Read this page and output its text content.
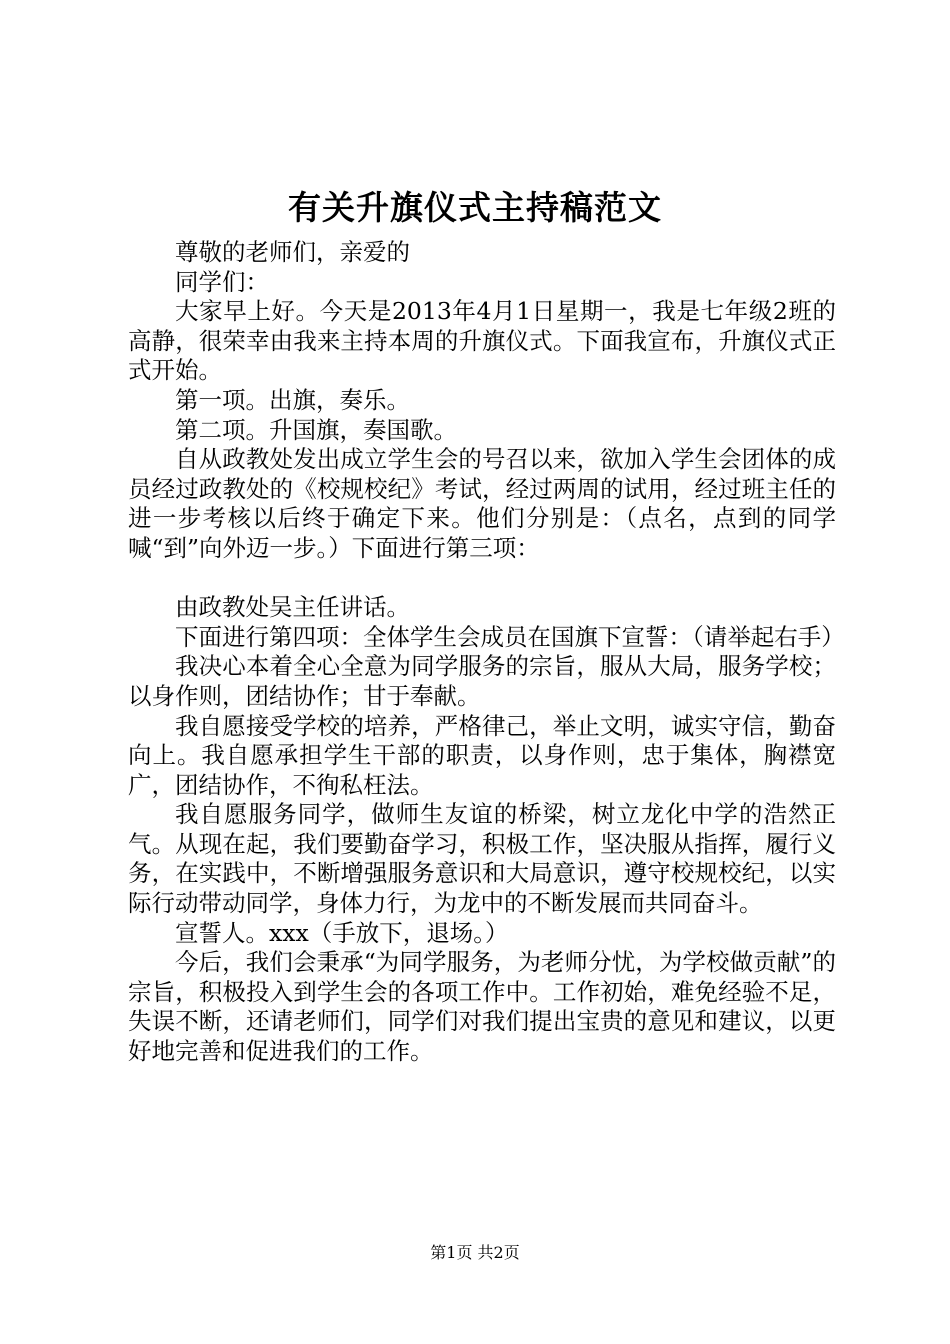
有关升旗仪式主持稿范文

尊敬的老师们，亲爱的

同学们：

大家早上好。今天是2013年4月1日星期一，我是七年级2班的高静，很荣幸由我来主持本周的升旗仪式。下面我宣布，升旗仪式正式开始。

第一项。出旗，奏乐。

第二项。升国旗，奏国歌。

自从政教处发出成立学生会的号召以来，欲加入学生会团体的成员经过政教处的《校规校纪》考试，经过两周的试用，经过班主任的进一步考核以后终于确定下来。他们分别是：（点名，点到的同学喊“到”向外迈一步。）下面进行第三项：

由政教处吴主任讲话。

下面进行第四项：全体学生会成员在国旗下宣誓：（请举起右手）

我决心本着全心全意为同学服务的宗旨，服从大局，服务学校；以身作则，团结协作；甘于奉献。

我自愿接受学校的培养，严格律己，举止文明，诚实守信，勤奋向上。我自愿承担学生干部的职责，以身作则，忠于集体，胸襟宽广，团结协作，不徇私枉法。

我自愿服务同学，做师生友谊的桥梁，树立龙化中学的浩然正气。从现在起，我们要勤奋学习，积极工作，坚决服从指挥，履行义务，在实践中，不断增强服务意识和大局意识，遵守校规校纪，以实际行动带动同学，身体力行，为龙中的不断发展而共同奋斗。

宣誓人。xxx（手放下，退场。）

今后，我们会秉承“为同学服务，为老师分忧，为学校做贡献”的宗旨，积极投入到学生会的各项工作中。工作初始，难免经验不足，失误不断，还请老师们，同学们对我们提出宝贵的意见和建议，以更好地完善和促进我们的工作。

第1页 共2页
